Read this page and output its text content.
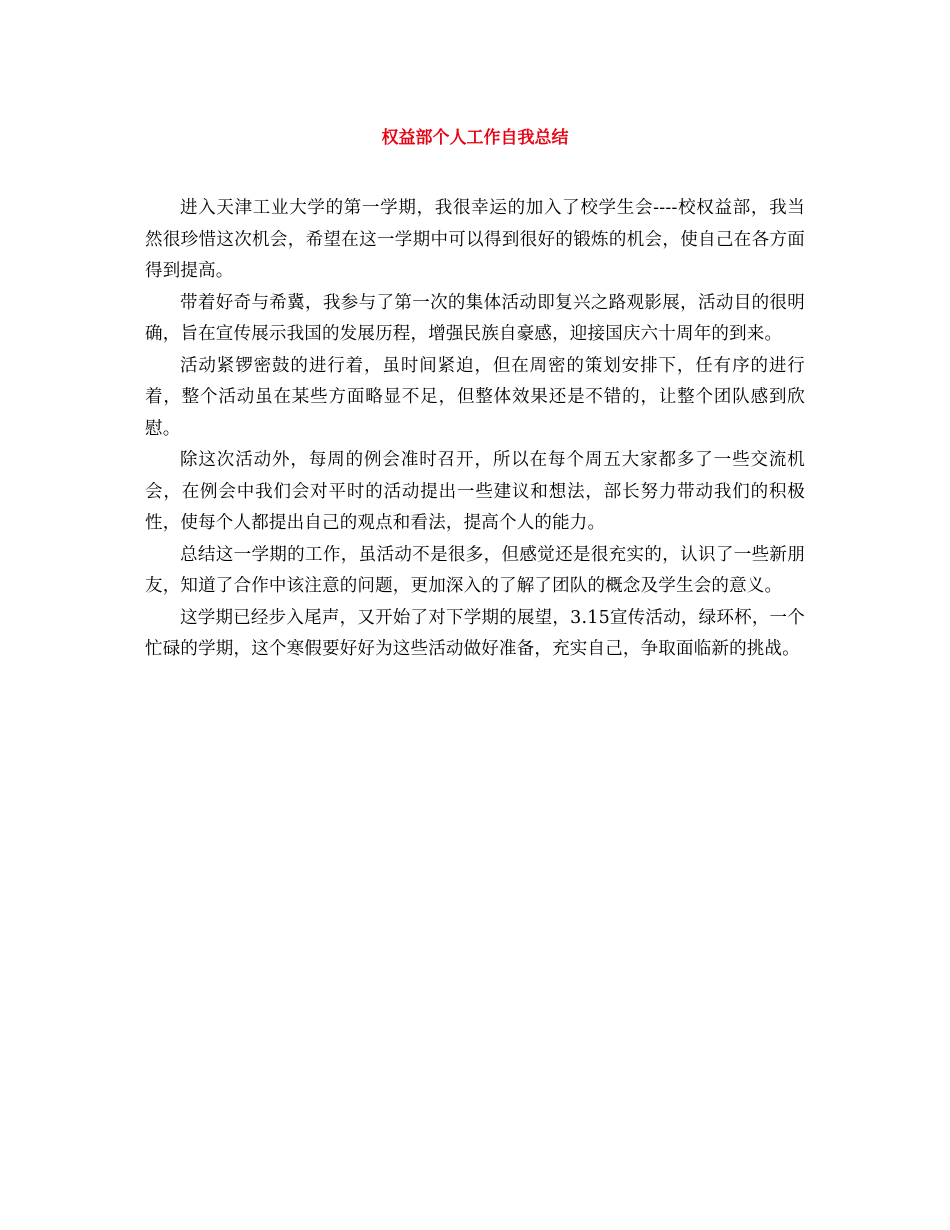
权益部个人工作自我总结

进入天津工业大学的第一学期，我很幸运的加入了校学生会----校权益部，我当然很珍惜这次机会，希望在这一学期中可以得到很好的锻炼的机会，使自己在各方面得到提高。

带着好奇与希冀，我参与了第一次的集体活动即复兴之路观影展，活动目的很明确，旨在宣传展示我国的发展历程，增强民族自豪感，迎接国庆六十周年的到来。

活动紧锣密鼓的进行着，虽时间紧迫，但在周密的策划安排下，任有序的进行着，整个活动虽在某些方面略显不足，但整体效果还是不错的，让整个团队感到欣慰。

除这次活动外，每周的例会准时召开，所以在每个周五大家都多了一些交流机会，在例会中我们会对平时的活动提出一些建议和想法，部长努力带动我们的积极性，使每个人都提出自己的观点和看法，提高个人的能力。

总结这一学期的工作，虽活动不是很多，但感觉还是很充实的，认识了一些新朋友，知道了合作中该注意的问题，更加深入的了解了团队的概念及学生会的意义。

这学期已经步入尾声，又开始了对下学期的展望，3.15宣传活动，绿环杯，一个忙碌的学期，这个寒假要好好为这些活动做好准备，充实自己，争取面临新的挑战。
